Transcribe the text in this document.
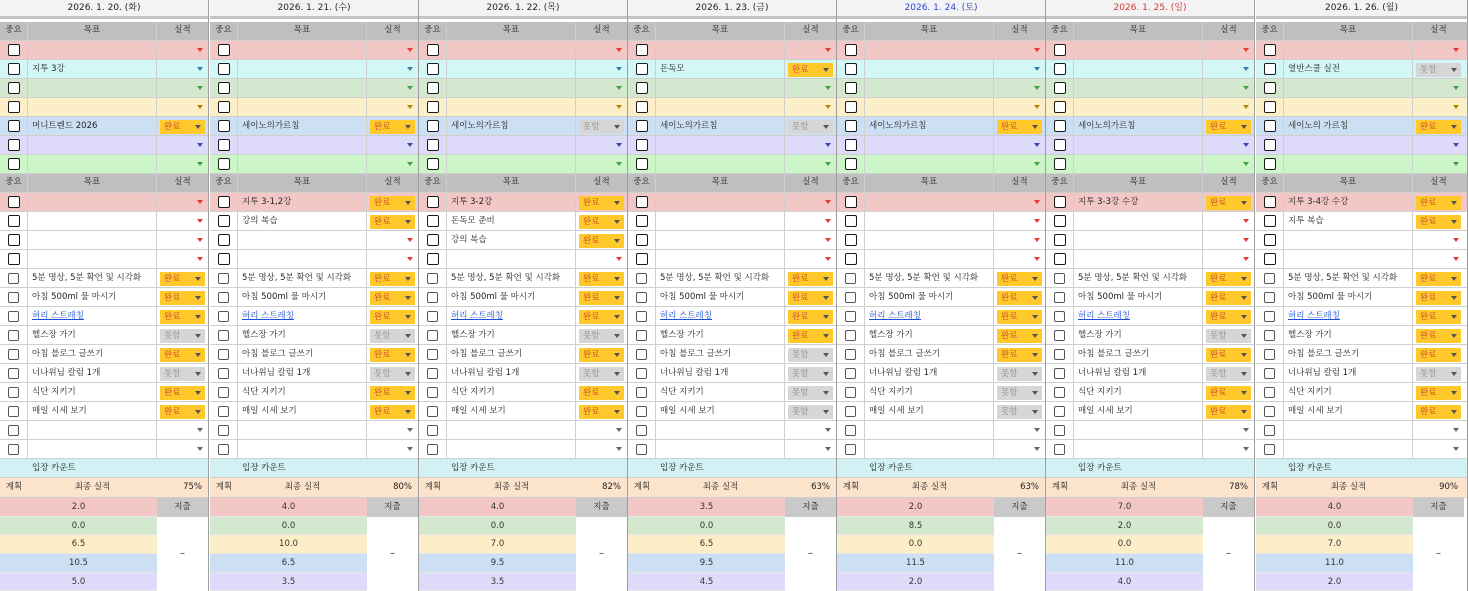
2026. 1. 20. (화)
중요	목표	실적
지투 3강
머니트렌드 2026	완료
중요	목표	실적
5분 명상, 5분 확언 및 시각화	완료
아침 500ml 물 마시기	완료
허리 스트레칭	완료
헬스장 가기	못함
아침 블로그 글쓰기	완료
너나위님 칼럼 1개	못함
식단 지키기	완료
매일 시세 보기	완료
입장 카운트
계획	최종 실적	75%
2.0
0.0
6.5
10.5
5.0
지출
–
2026. 1. 21. (수)
중요	목표	실적
세이노의가르침	완료
중요	목표	실적
지투 3-1,2강	완료
강의 복습	완료
5분 명상, 5분 확언 및 시각화	완료
아침 500ml 물 마시기	완료
허리 스트레칭	완료
헬스장 가기	못함
아침 블로그 글쓰기	완료
너나위님 칼럼 1개	못함
식단 지키기	완료
매일 시세 보기	완료
입장 카운트
계획	최종 실적	80%
4.0
0.0
10.0
6.5
3.5
지출
–
2026. 1. 22. (목)
중요	목표	실적
세이노의가르침	못함
중요	목표	실적
지투 3-2강	완료
돈독모 준비	완료
강의 복습	완료
5분 명상, 5분 확언 및 시각화	완료
아침 500ml 물 마시기	완료
허리 스트레칭	완료
헬스장 가기	못함
아침 블로그 글쓰기	완료
너나위님 칼럼 1개	못함
식단 지키기	완료
매일 시세 보기	완료
입장 카운트
계획	최종 실적	82%
4.0
0.0
7.0
9.5
3.5
지출
–
2026. 1. 23. (금)
중요	목표	실적
돈독모	완료
세이노의가르침	못함
중요	목표	실적
5분 명상, 5분 확언 및 시각화	완료
아침 500ml 물 마시기	완료
허리 스트레칭	완료
헬스장 가기	완료
아침 블로그 글쓰기	못함
너나위님 칼럼 1개	못함
식단 지키기	못함
매일 시세 보기	못함
입장 카운트
계획	최종 실적	63%
3.5
0.0
6.5
9.5
4.5
지출
–
2026. 1. 24. (토)
중요	목표	실적
세이노의가르침	완료
중요	목표	실적
5분 명상, 5분 확언 및 시각화	완료
아침 500ml 물 마시기	완료
허리 스트레칭	완료
헬스장 가기	완료
아침 블로그 글쓰기	완료
너나위님 칼럼 1개	못함
식단 지키기	못함
매일 시세 보기	못함
입장 카운트
계획	최종 실적	63%
2.0
8.5
0.0
11.5
2.0
지출
–
2026. 1. 25. (일)
중요	목표	실적
세이노의가르침	완료
중요	목표	실적
지투 3-3강 수강	완료
5분 명상, 5분 확언 및 시각화	완료
아침 500ml 물 마시기	완료
허리 스트레칭	완료
헬스장 가기	못함
아침 블로그 글쓰기	완료
너나위님 칼럼 1개	못함
식단 지키기	완료
매일 시세 보기	완료
입장 카운트
계획	최종 실적	78%
7.0
2.0
0.0
11.0
4.0
지출
–
2026. 1. 26. (월)
중요	목표	실적
열반스쿨 실전	못함
세이노의 가르침	완료
중요	목표	실적
지투 3-4강 수강	완료
지투 복습	완료
5분 명상, 5분 확언 및 시각화	완료
아침 500ml 물 마시기	완료
허리 스트레칭	완료
헬스장 가기	완료
아침 블로그 글쓰기	완료
너나위님 칼럼 1개	못함
식단 지키기	완료
매일 시세 보기	완료
입장 카운트
계획	최종 실적	90%
4.0
0.0
7.0
11.0
2.0
지출
–
